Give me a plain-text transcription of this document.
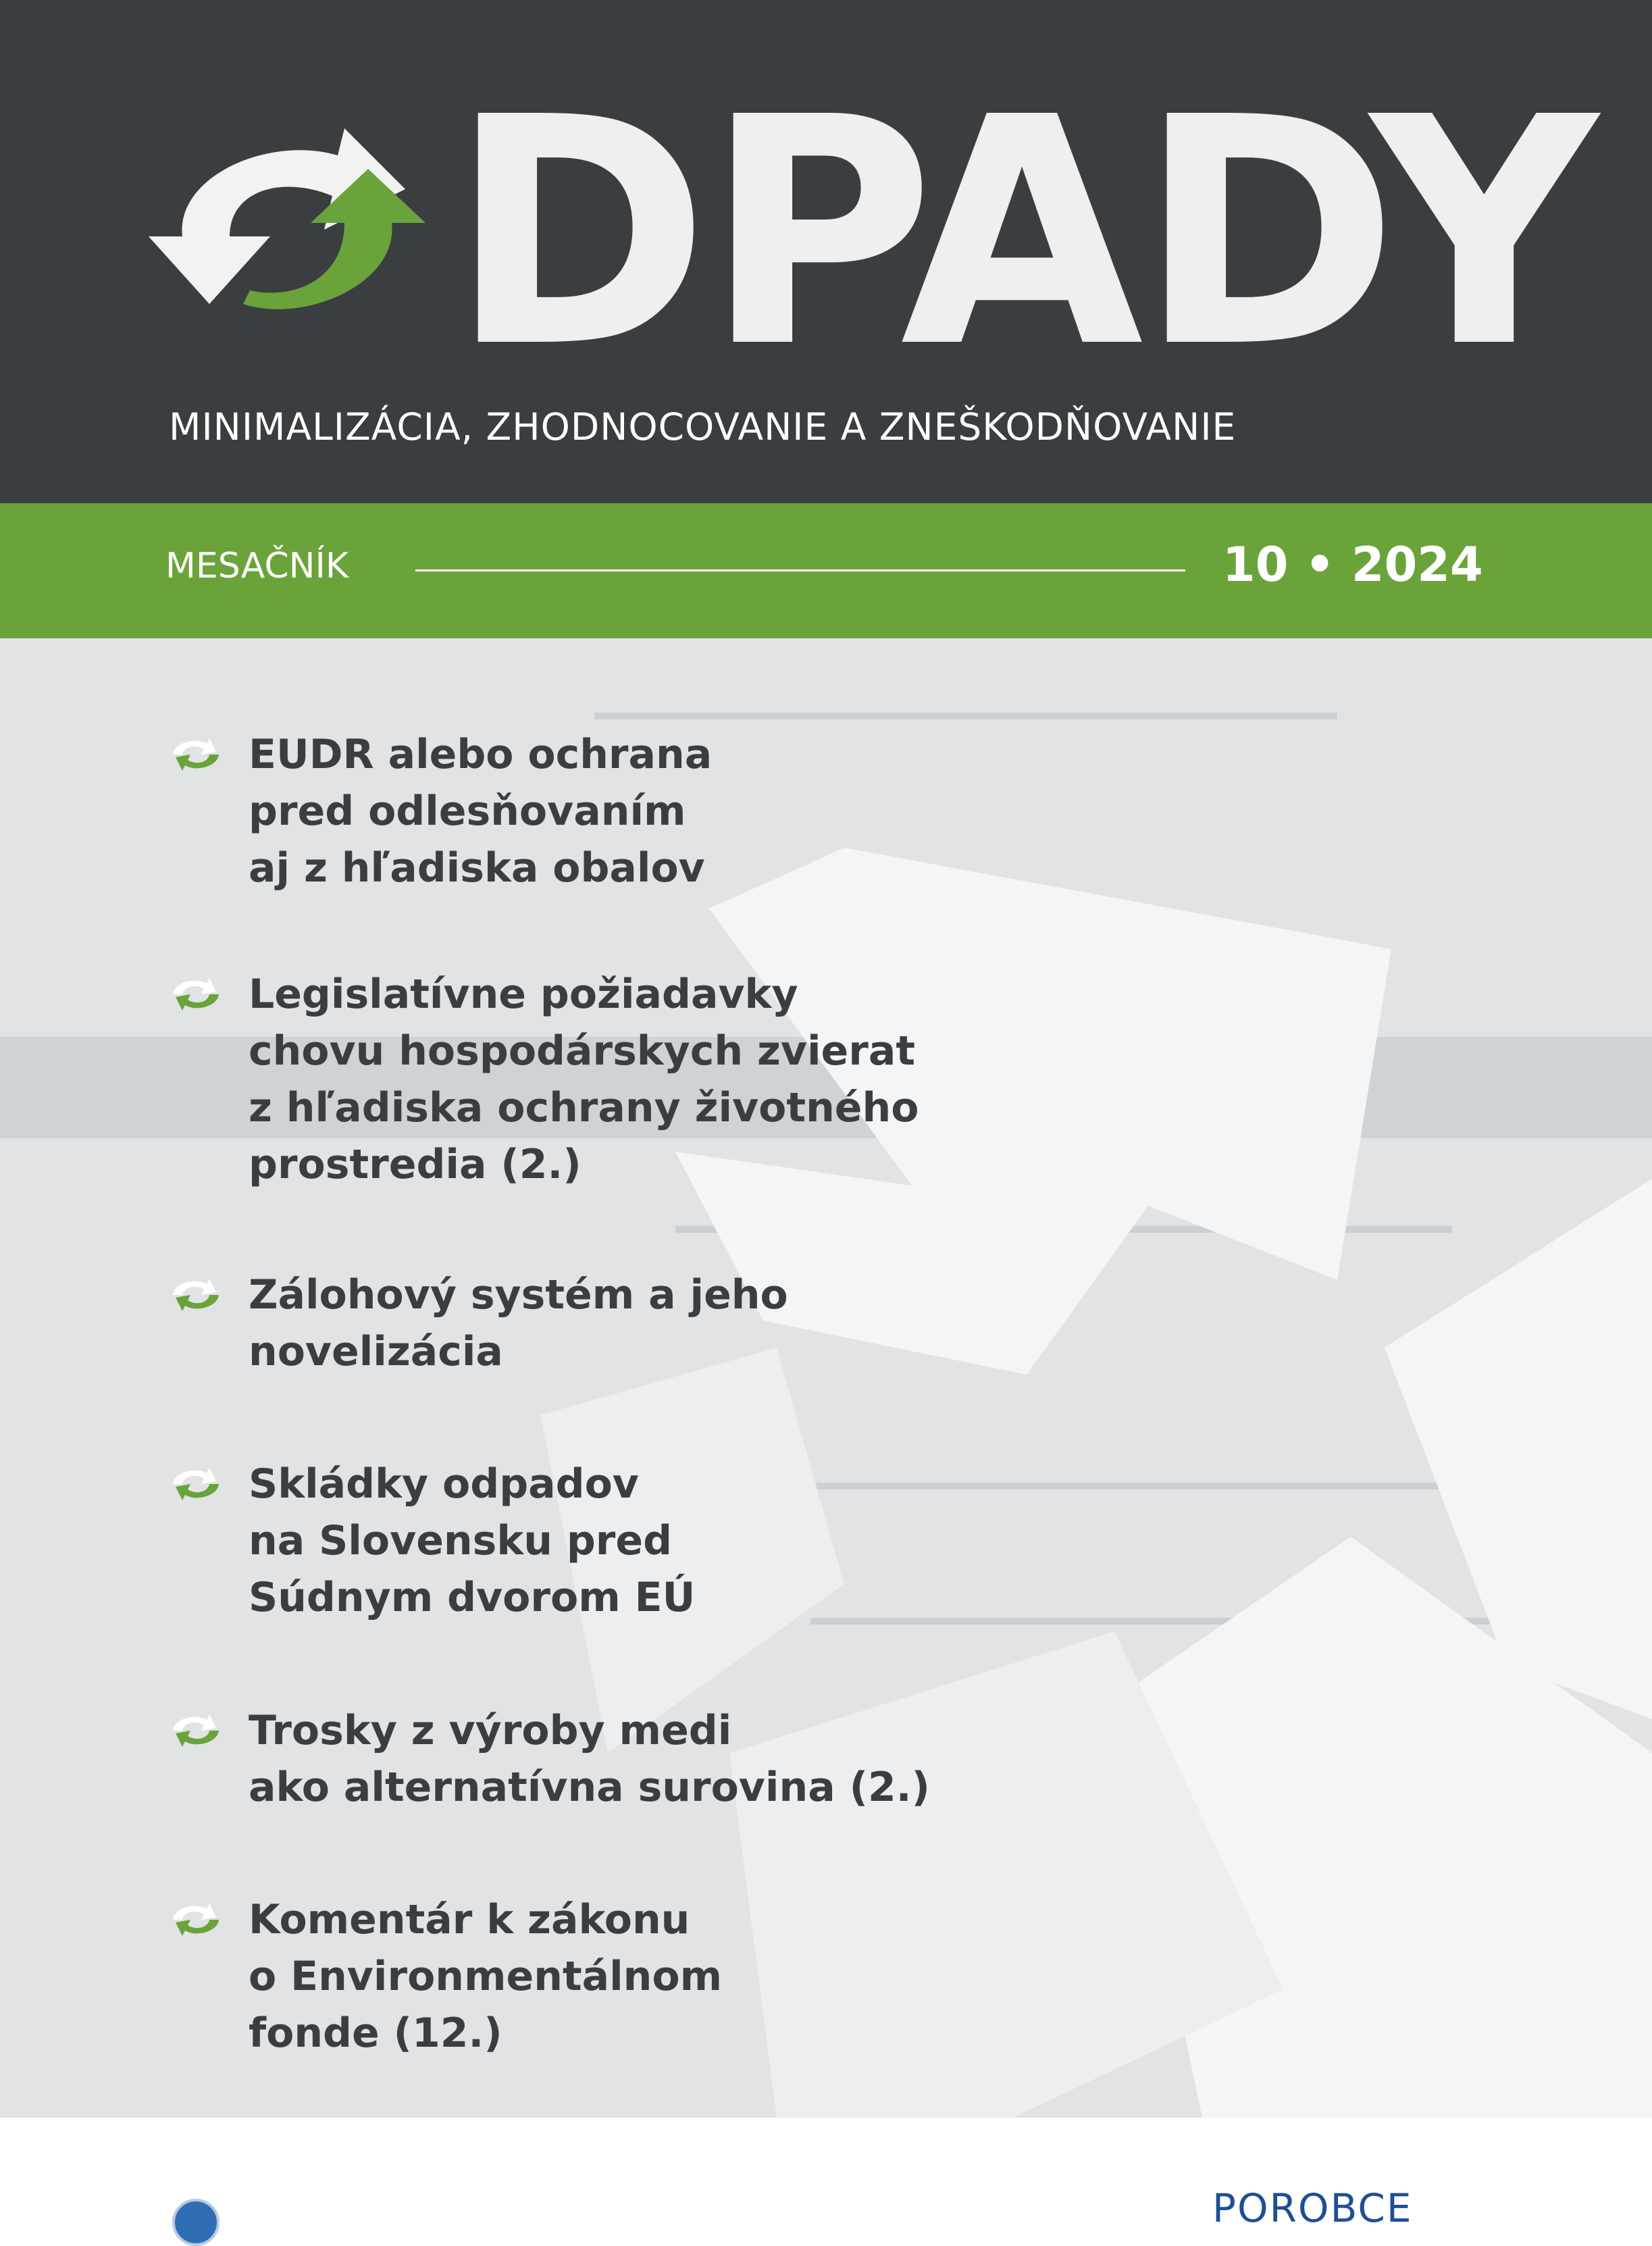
DPADY
MINIMALIZÁCIA, ZHODNOCOVANIE A ZNEŠKODŇOVANIE
MESAČNÍK	10 • 2024
EUDR alebo ochrana
pred odlesňovaním
aj z hľadiska obalov
Legislatívne požiadavky
chovu hospodárskych zvierat
z hľadiska ochrany životného
prostredia (2.)
Zálohový systém a jeho
novelizácia
Skládky odpadov
na Slovensku pred
Súdnym dvorom EÚ
Trosky z výroby medi
ako alternatívna surovina (2.)
Komentár k zákonu
o Environmentálnom
fonde (12.)
POROBCE
